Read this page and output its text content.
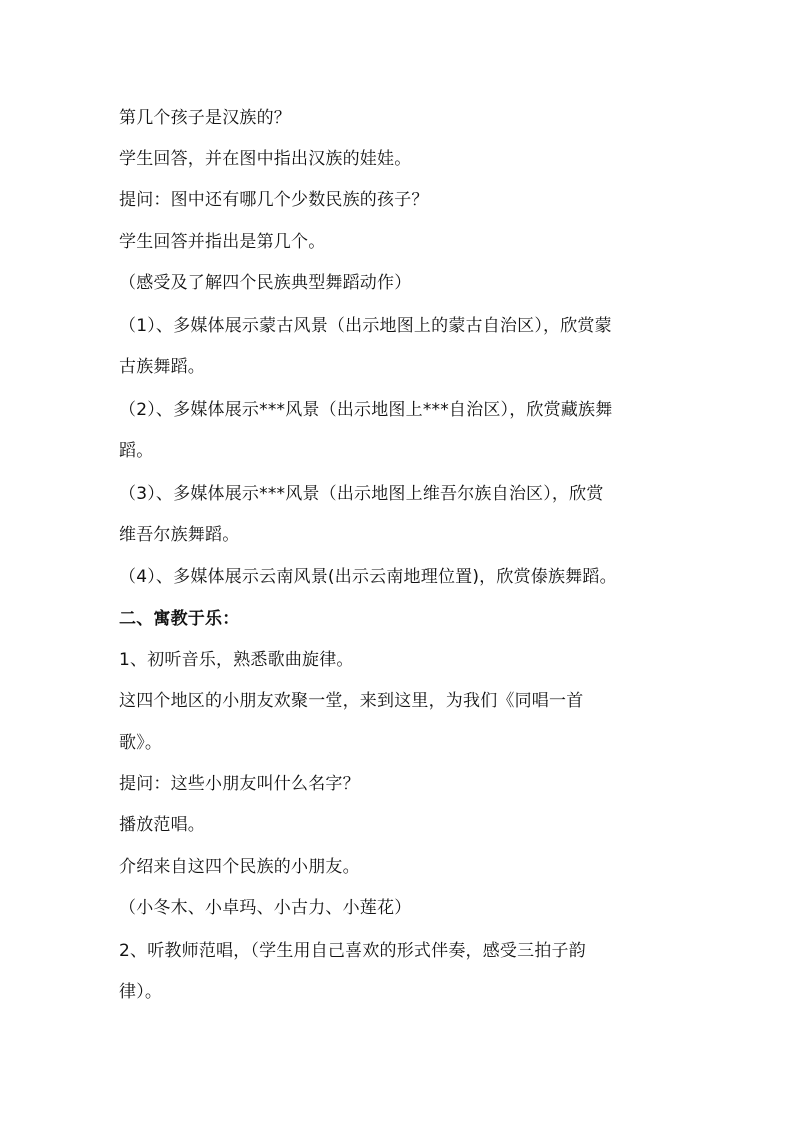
第几个孩子是汉族的？
学生回答，并在图中指出汉族的娃娃。
提问：图中还有哪几个少数民族的孩子？
学生回答并指出是第几个。
（感受及了解四个民族典型舞蹈动作）
（1）、多媒体展示蒙古风景（出示地图上的蒙古自治区），欣赏蒙
古族舞蹈。
（2）、多媒体展示***风景（出示地图上***自治区），欣赏藏族舞
蹈。
（3）、多媒体展示***风景（出示地图上维吾尔族自治区），欣赏
维吾尔族舞蹈。
（4）、多媒体展示云南风景(出示云南地理位置)，欣赏傣族舞蹈。
二、寓教于乐：
1、初听音乐，熟悉歌曲旋律。
这四个地区的小朋友欢聚一堂，来到这里，为我们《同唱一首
歌》。
提问：这些小朋友叫什么名字？
播放范唱。
介绍来自这四个民族的小朋友。
（小冬木、小卓玛、小古力、小莲花）
2、听教师范唱，（学生用自己喜欢的形式伴奏，感受三拍子韵
律）。
